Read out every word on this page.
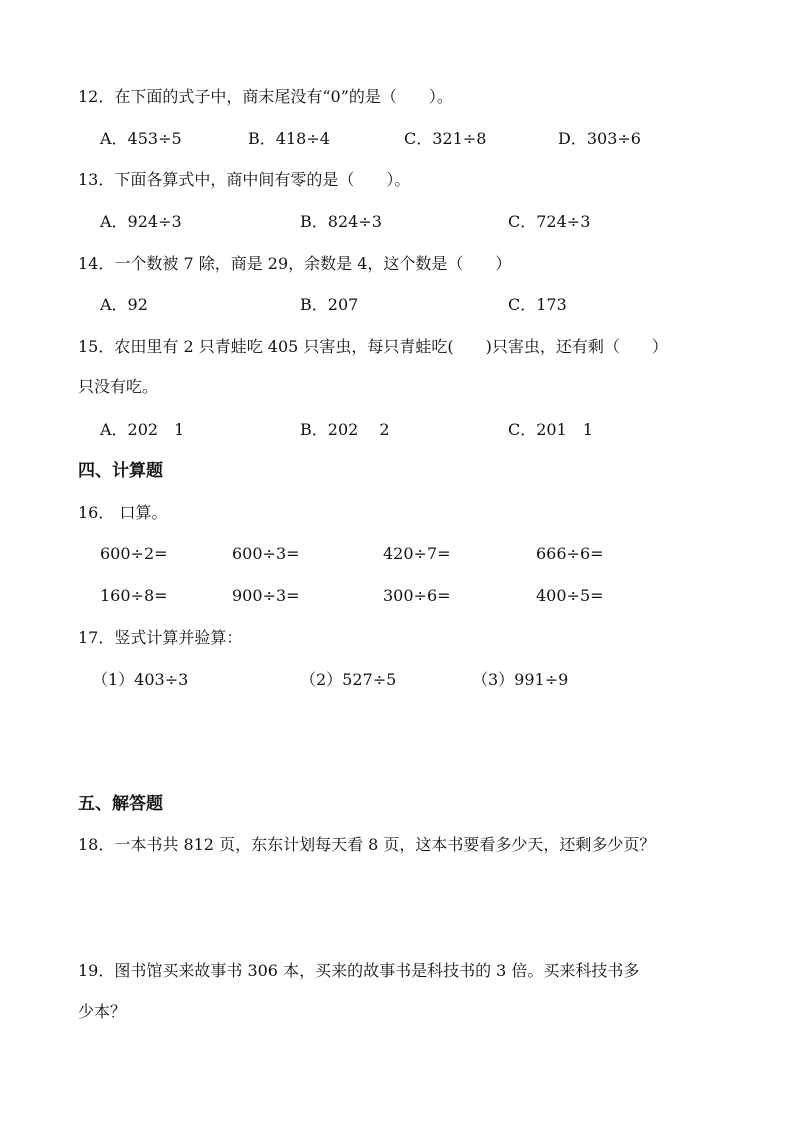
12．在下面的式子中，商末尾没有“0”的是（　　）。
A．453÷5	B．418÷4	C．321÷8	D．303÷6
13．下面各算式中，商中间有零的是（　　）。
A．924÷3	B．824÷3	C．724÷3
14．一个数被 7 除，商是 29，余数是 4，这个数是（　　）
A．92	B．207	C．173
15．农田里有 2 只青蛙吃 405 只害虫，每只青蛙吃(　　)只害虫，还有剩（　　）
只没有吃。
A．202　1	B．202　 2	C．201　1
四、计算题
16． 口算。
600÷2=	600÷3=	420÷7=	666÷6=
160÷8=	900÷3=	300÷6=	400÷5=
17．竖式计算并验算：
（1）403÷3	（2）527÷5	（3）991÷9
五、解答题
18．一本书共 812 页，东东计划每天看 8 页，这本书要看多少天，还剩多少页？
19．图书馆买来故事书 306 本，买来的故事书是科技书的 3 倍。买来科技书多
少本？
